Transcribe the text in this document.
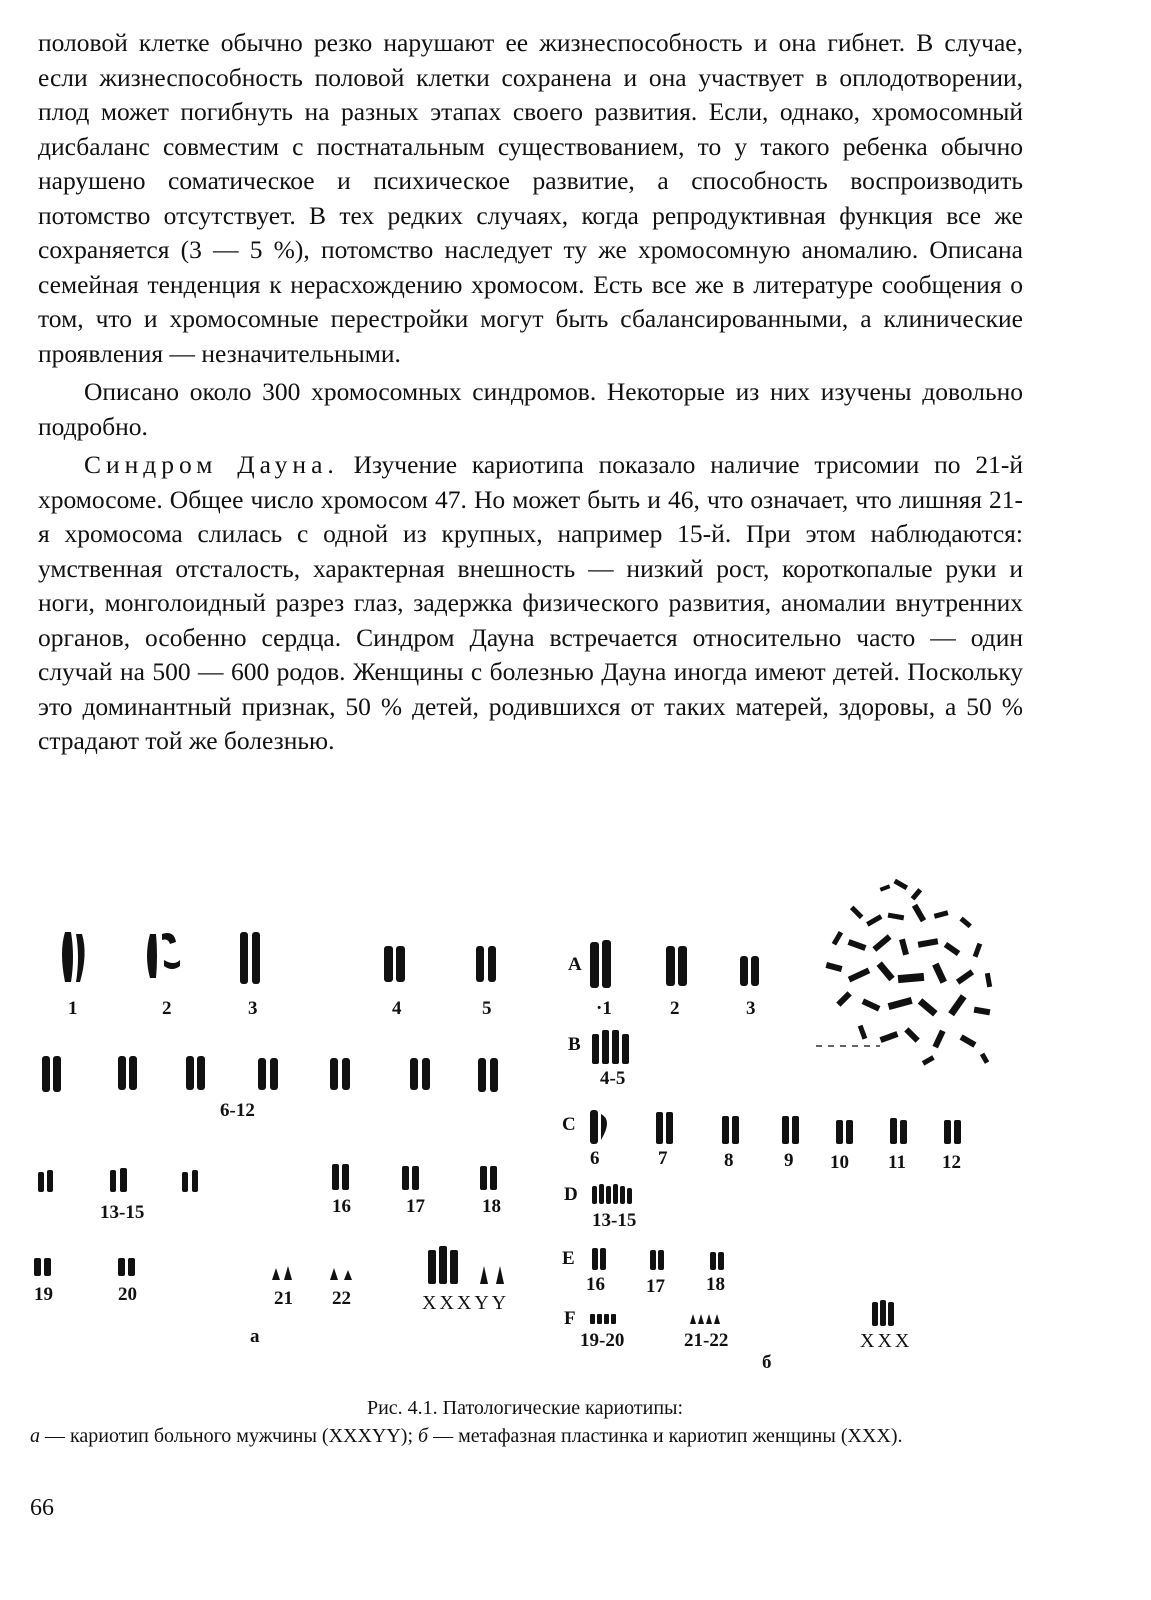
половой клетке обычно резко нарушают ее жизнеспособность и она гибнет. В случае, если жизнеспособность половой клетки сохранена и она участвует в оплодотворении, плод может погибнуть на разных этапах своего развития. Если, однако, хромосомный дисбаланс совместим с постнатальным существованием, то у такого ребенка обычно нарушено соматическое и психическое развитие, а способность воспроизводить потомство отсутствует. В тех редких случаях, когда репродуктивная функция все же сохраняется (3 — 5 %), потомство наследует ту же хромосомную аномалию. Описана семейная тенденция к нерасхождению хромосом. Есть все же в литературе сообщения о том, что и хромосомные перестройки могут быть сбалансированными, а клинические проявления — незначительными.

Описано около 300 хромосомных синдромов. Некоторые из них изучены довольно подробно.

Синдром Дауна. Изучение кариотипа показало наличие трисомии по 21-й хромосоме. Общее число хромосом 47. Но может быть и 46, что означает, что лишняя 21-я хромосома слилась с одной из крупных, например 15-й. При этом наблюдаются: умственная отсталость, характерная внешность — низкий рост, короткопалые руки и ноги, монголоидный разрез глаз, задержка физического развития, аномалии внутренних органов, особенно сердца. Синдром Дауна встречается относительно часто — один случай на 500 — 600 родов. Женщины с болезнью Дауна иногда имеют детей. Поскольку это доминантный признак, 50 % детей, родившихся от таких матерей, здоровы, а 50 % страдают той же болезнью.

1	2	3	4	5
6-12
13-15	16	17	18
19	20	21 22	XXXYY
а
A
B
C
D
E
F
·1	2	3
4-5
6	7	8	9 10 11 12
13-15
16 17 18
19-20	21-22	XXX
б
Рис. 4.1. Патологические кариотипы:
а — кариотип больного мужчины (XXXYY); б — метафазная пластинка и кариотип женщины (XXX).
66
